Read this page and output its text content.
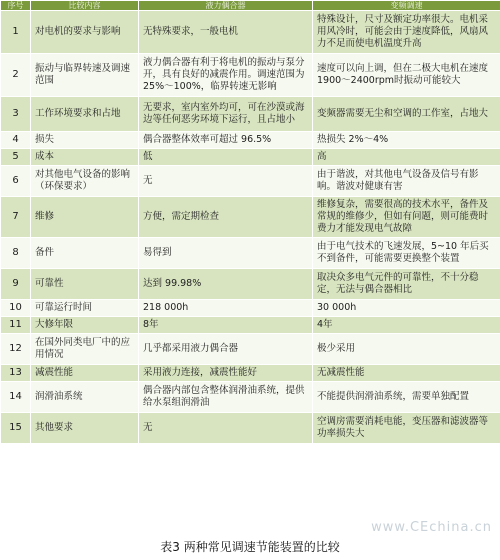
序号	比较内容	液力偶合器	变频调速
1	对电机的要求与影响	无特殊要求，一般电机	特殊设计，尺寸及额定功率很大。电机采用风冷时，可能会由于速度降低，风扇风力不足而使电机温度升高
2	振动与临界转速及调速范围	液力偶合器有利于将电机的振动与泵分开，具有良好的减震作用。调速范围为25%～100%，临界转速无影响	速度可以向上调，但在二极大电机在速度1900～2400rpm时振动可能较大
3	工作环境要求和占地	无要求，室内室外均可，可在沙漠或海边等任何恶劣环境下运行，且占地小	变频器需要无尘和空调的工作室，占地大
4	损失	偶合器整体效率可超过 96.5%	热损失 2%～4%
5	成本	低	高
6	对其他电气设备的影响（环保要求）	无	由于谐波，对其他电气设备及信号有影响。谐波对健康有害
7	维修	方便，需定期检查	维修复杂，需要很高的技术水平，备件及常规的维修少，但如有问题，则可能费时费力才能发现电气故障
8	备件	易得到	由于电气技术的飞速发展，5~10 年后买不到备件，可能需要更换整个装置
9	可靠性	达到 99.98%	取决众多电气元件的可靠性，不十分稳定，无法与偶合器相比
10	可靠运行时间	218 000h	30 000h
11	大修年限	8年	4年
12	在国外同类电厂中的应用情况	几乎都采用液力偶合器	极少采用
13	减震性能	采用液力连接，减震性能好	无减震性能
14	润滑油系统	偶合器内部包含整体润滑油系统，提供给水泵组润滑油	不能提供润滑油系统，需要单独配置
15	其他要求	无	空调房需要消耗电能，变压器和滤波器等功率损失大
表3 两种常见调速节能装置的比较
www.CEchina.cn
